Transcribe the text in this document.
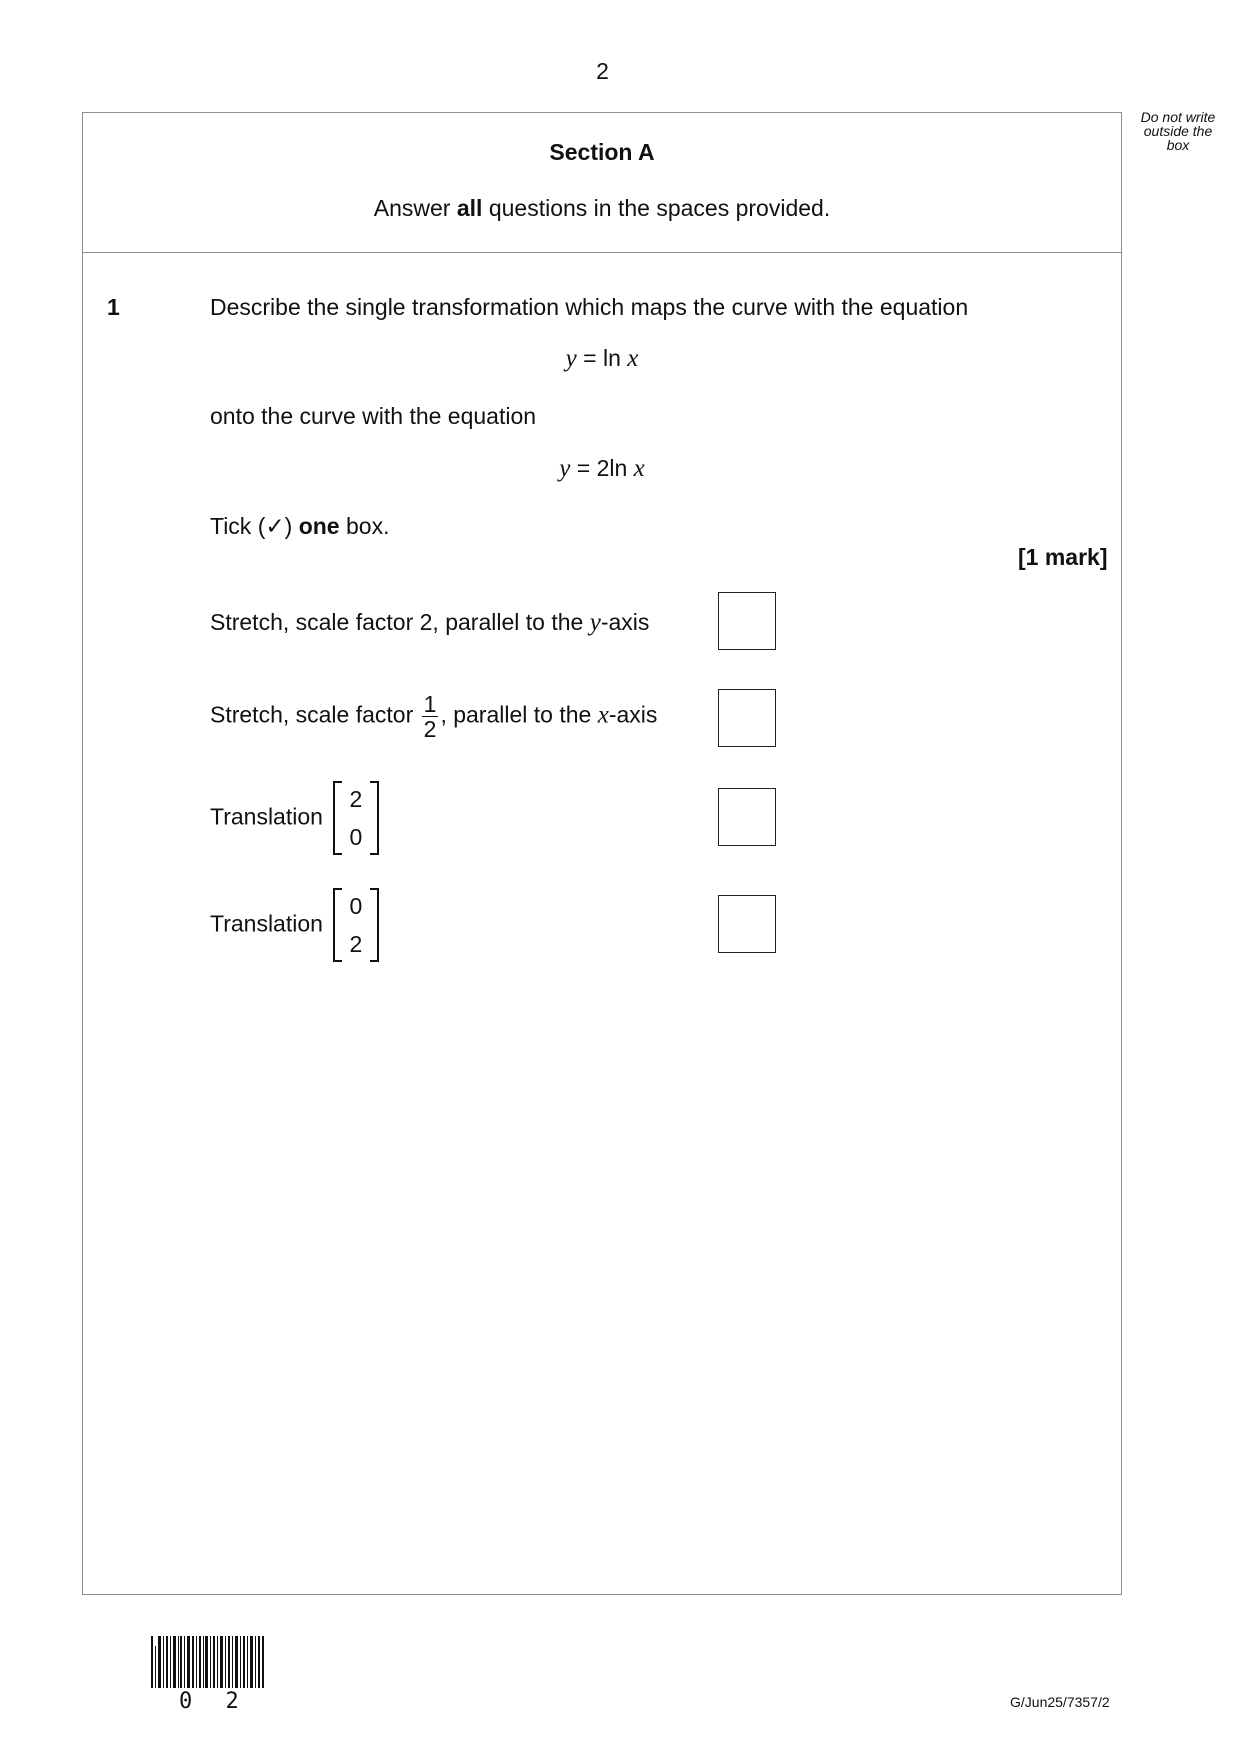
2
Do not write
outside the
box
Section A
Answer all questions in the spaces provided.
1	Describe the single transformation which maps the curve with the equation
y = ln x
onto the curve with the equation
y = 2ln x
Tick (✓) one box.
[1 mark]
Stretch, scale factor 2, parallel to the y-axis
Stretch, scale factor $\frac{1}{2}$ , parallel to the x-axis
Translation
2
0
Translation
0
2
0 2	G/Jun25/7357/2
